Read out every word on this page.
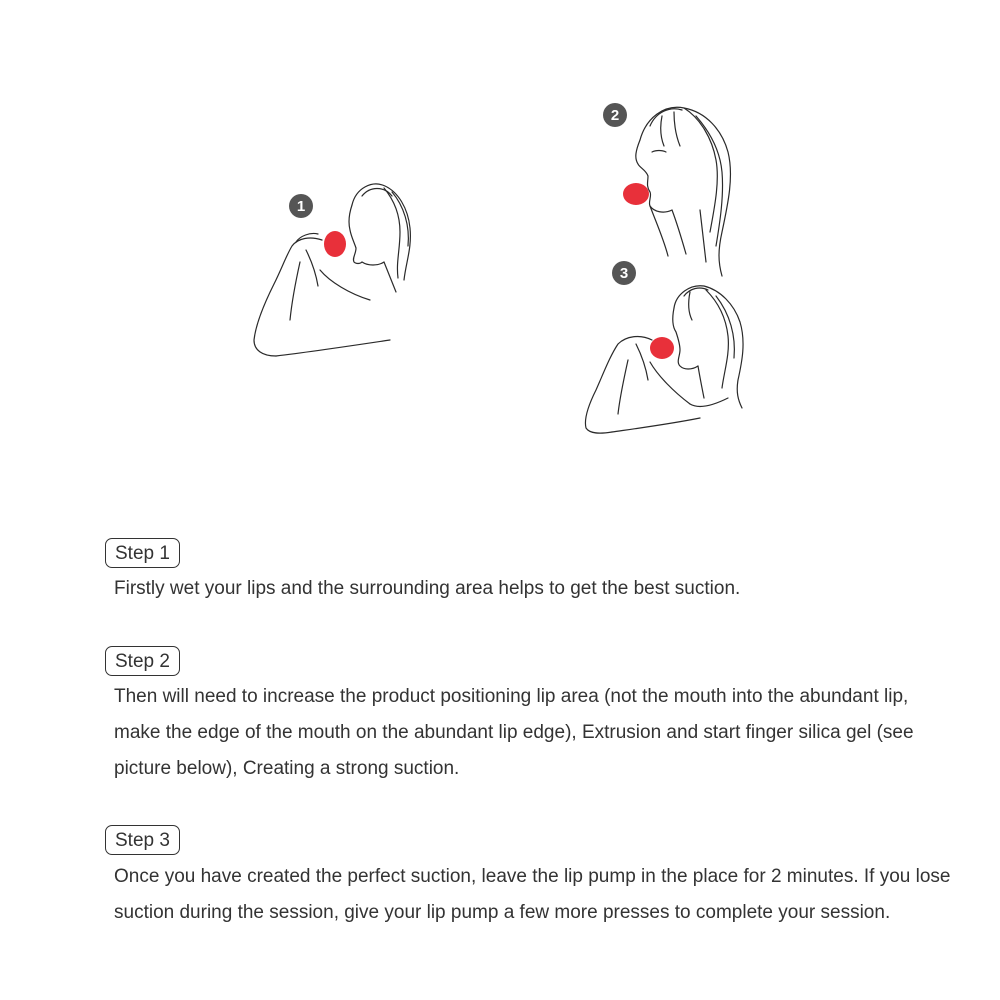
1
2
3
Step 1

Firstly wet your lips and the surrounding area helps to get the best suction.

Step 2

Then will need to increase the product positioning lip area (not the mouth into the abundant lip, make the edge of the mouth on the abundant lip edge), Extrusion and start finger silica gel (see picture below), Creating a strong suction.

Step 3

Once you have created the perfect suction, leave the lip pump in the place for 2 minutes. If you lose suction during the session, give your lip pump a few more presses to complete your session.
